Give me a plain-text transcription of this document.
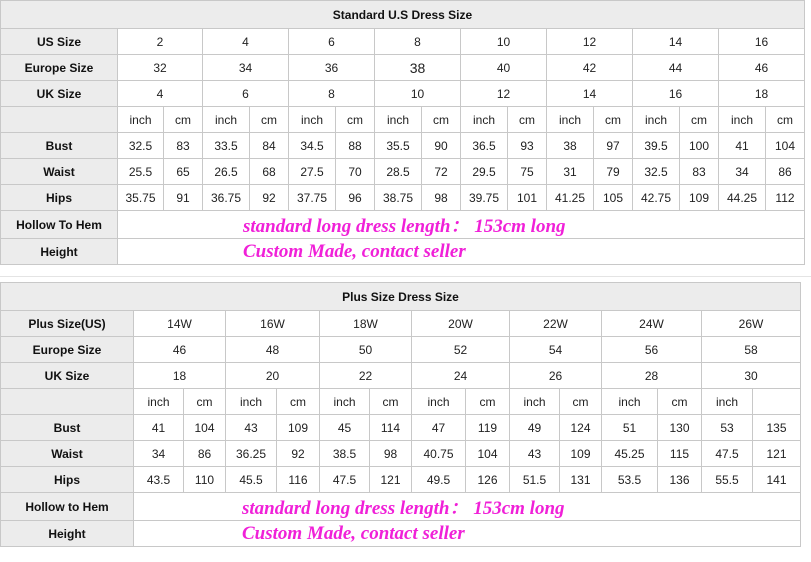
Standard U.S Dress Size																
US Size	2		4		6		8		10		12		14		16	
Europe Size	32		34		36		38		40		42		44		46	
UK Size	4		6		8		10		12		14		16		18	
	inch	cm	inch	cm	inch	cm	inch	cm	inch	cm	inch	cm	inch	cm	inch	cm
Bust	32.5	83	33.5	84	34.5	88	35.5	90	36.5	93	38	97	39.5	100	41	104
Waist	25.5	65	26.5	68	27.5	70	28.5	72	29.5	75	31	79	32.5	83	34	86
Hips	35.75	91	36.75	92	37.75	96	38.75	98	39.75	101	41.25	105	42.75	109	44.25	112
Hollow To Hem	standard long dress length： 153cm long															
Height	Custom Made, contact seller															
Plus Size Dress Size														
Plus Size(US)	14W		16W		18W		20W		22W		24W		26W	
Europe Size	46		48		50		52		54		56		58	
UK Size	18		20		22		24		26		28		30	
	inch	cm	inch	cm	inch	cm	inch	cm	inch	cm	inch	cm	inch	
Bust	41	104	43	109	45	114	47	119	49	124	51	130	53	135
Waist	34	86	36.25	92	38.5	98	40.75	104	43	109	45.25	115	47.5	121
Hips	43.5	110	45.5	116	47.5	121	49.5	126	51.5	131	53.5	136	55.5	141
Hollow to Hem	standard long dress length： 153cm long													
Height	Custom Made, contact seller													
